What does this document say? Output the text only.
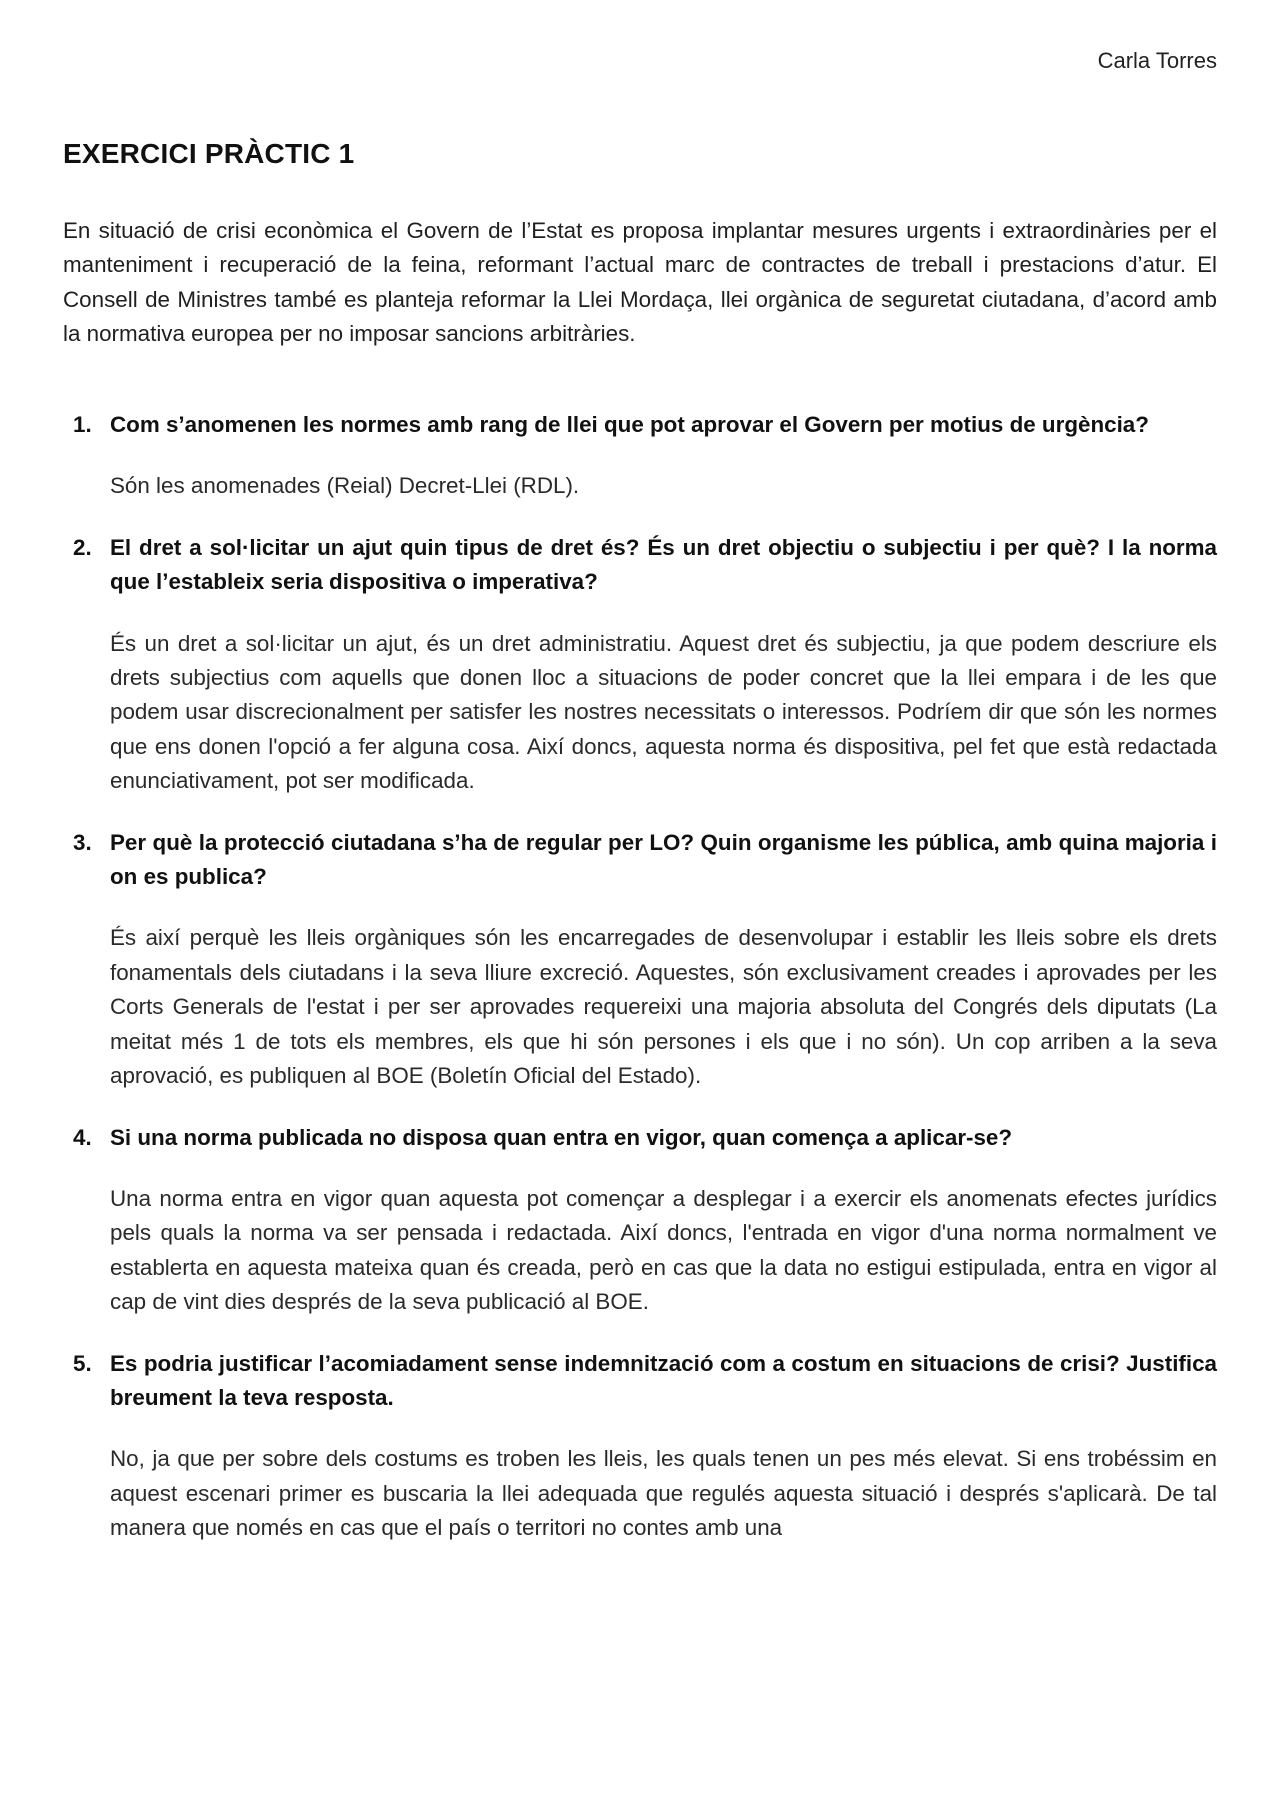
Carla Torres
EXERCICI PRÀCTIC 1

En situació de crisi econòmica el Govern de l’Estat es proposa implantar mesures urgents i extraordinàries per el manteniment i recuperació de la feina, reformant l’actual marc de contractes de treball i prestacions d’atur. El Consell de Ministres també es planteja reformar la Llei Mordaça, llei orgànica de seguretat ciutadana, d’acord amb la normativa europea per no imposar sancions arbitràries.

1. Com s’anomenen les normes amb rang de llei que pot aprovar el Govern per motius de urgència?

Són les anomenades (Reial) Decret-Llei (RDL).

2. El dret a sol·licitar un ajut quin tipus de dret és? És un dret objectiu o subjectiu i per què? I la norma que l’estableix seria dispositiva o imperativa?

És un dret a sol·licitar un ajut, és un dret administratiu. Aquest dret és subjectiu, ja que podem descriure els drets subjectius com aquells que donen lloc a situacions de poder concret que la llei empara i de les que podem usar discrecionalment per satisfer les nostres necessitats o interessos. Podríem dir que són les normes que ens donen l'opció a fer alguna cosa. Així doncs, aquesta norma és dispositiva, pel fet que està redactada enunciativament, pot ser modificada.

3. Per què la protecció ciutadana s’ha de regular per LO? Quin organisme les pública, amb quina majoria i on es publica?

És així perquè les lleis orgàniques són les encarregades de desenvolupar i establir les lleis sobre els drets fonamentals dels ciutadans i la seva lliure excreció. Aquestes, són exclusivament creades i aprovades per les Corts Generals de l'estat i per ser aprovades requereixi una majoria absoluta del Congrés dels diputats (La meitat més 1 de tots els membres, els que hi són persones i els que i no són). Un cop arriben a la seva aprovació, es publiquen al BOE (Boletín Oficial del Estado).

4. Si una norma publicada no disposa quan entra en vigor, quan comença a aplicar-se?

Una norma entra en vigor quan aquesta pot començar a desplegar i a exercir els anomenats efectes jurídics pels quals la norma va ser pensada i redactada. Així doncs, l'entrada en vigor d'una norma normalment ve establerta en aquesta mateixa quan és creada, però en cas que la data no estigui estipulada, entra en vigor al cap de vint dies després de la seva publicació al BOE.

5. Es podria justificar l’acomiadament sense indemnització com a costum en situacions de crisi? Justifica breument la teva resposta.

No, ja que per sobre dels costums es troben les lleis, les quals tenen un pes més elevat. Si ens trobéssim en aquest escenari primer es buscaria la llei adequada que regulés aquesta situació i després s'aplicarà. De tal manera que només en cas que el país o territori no contes amb una
